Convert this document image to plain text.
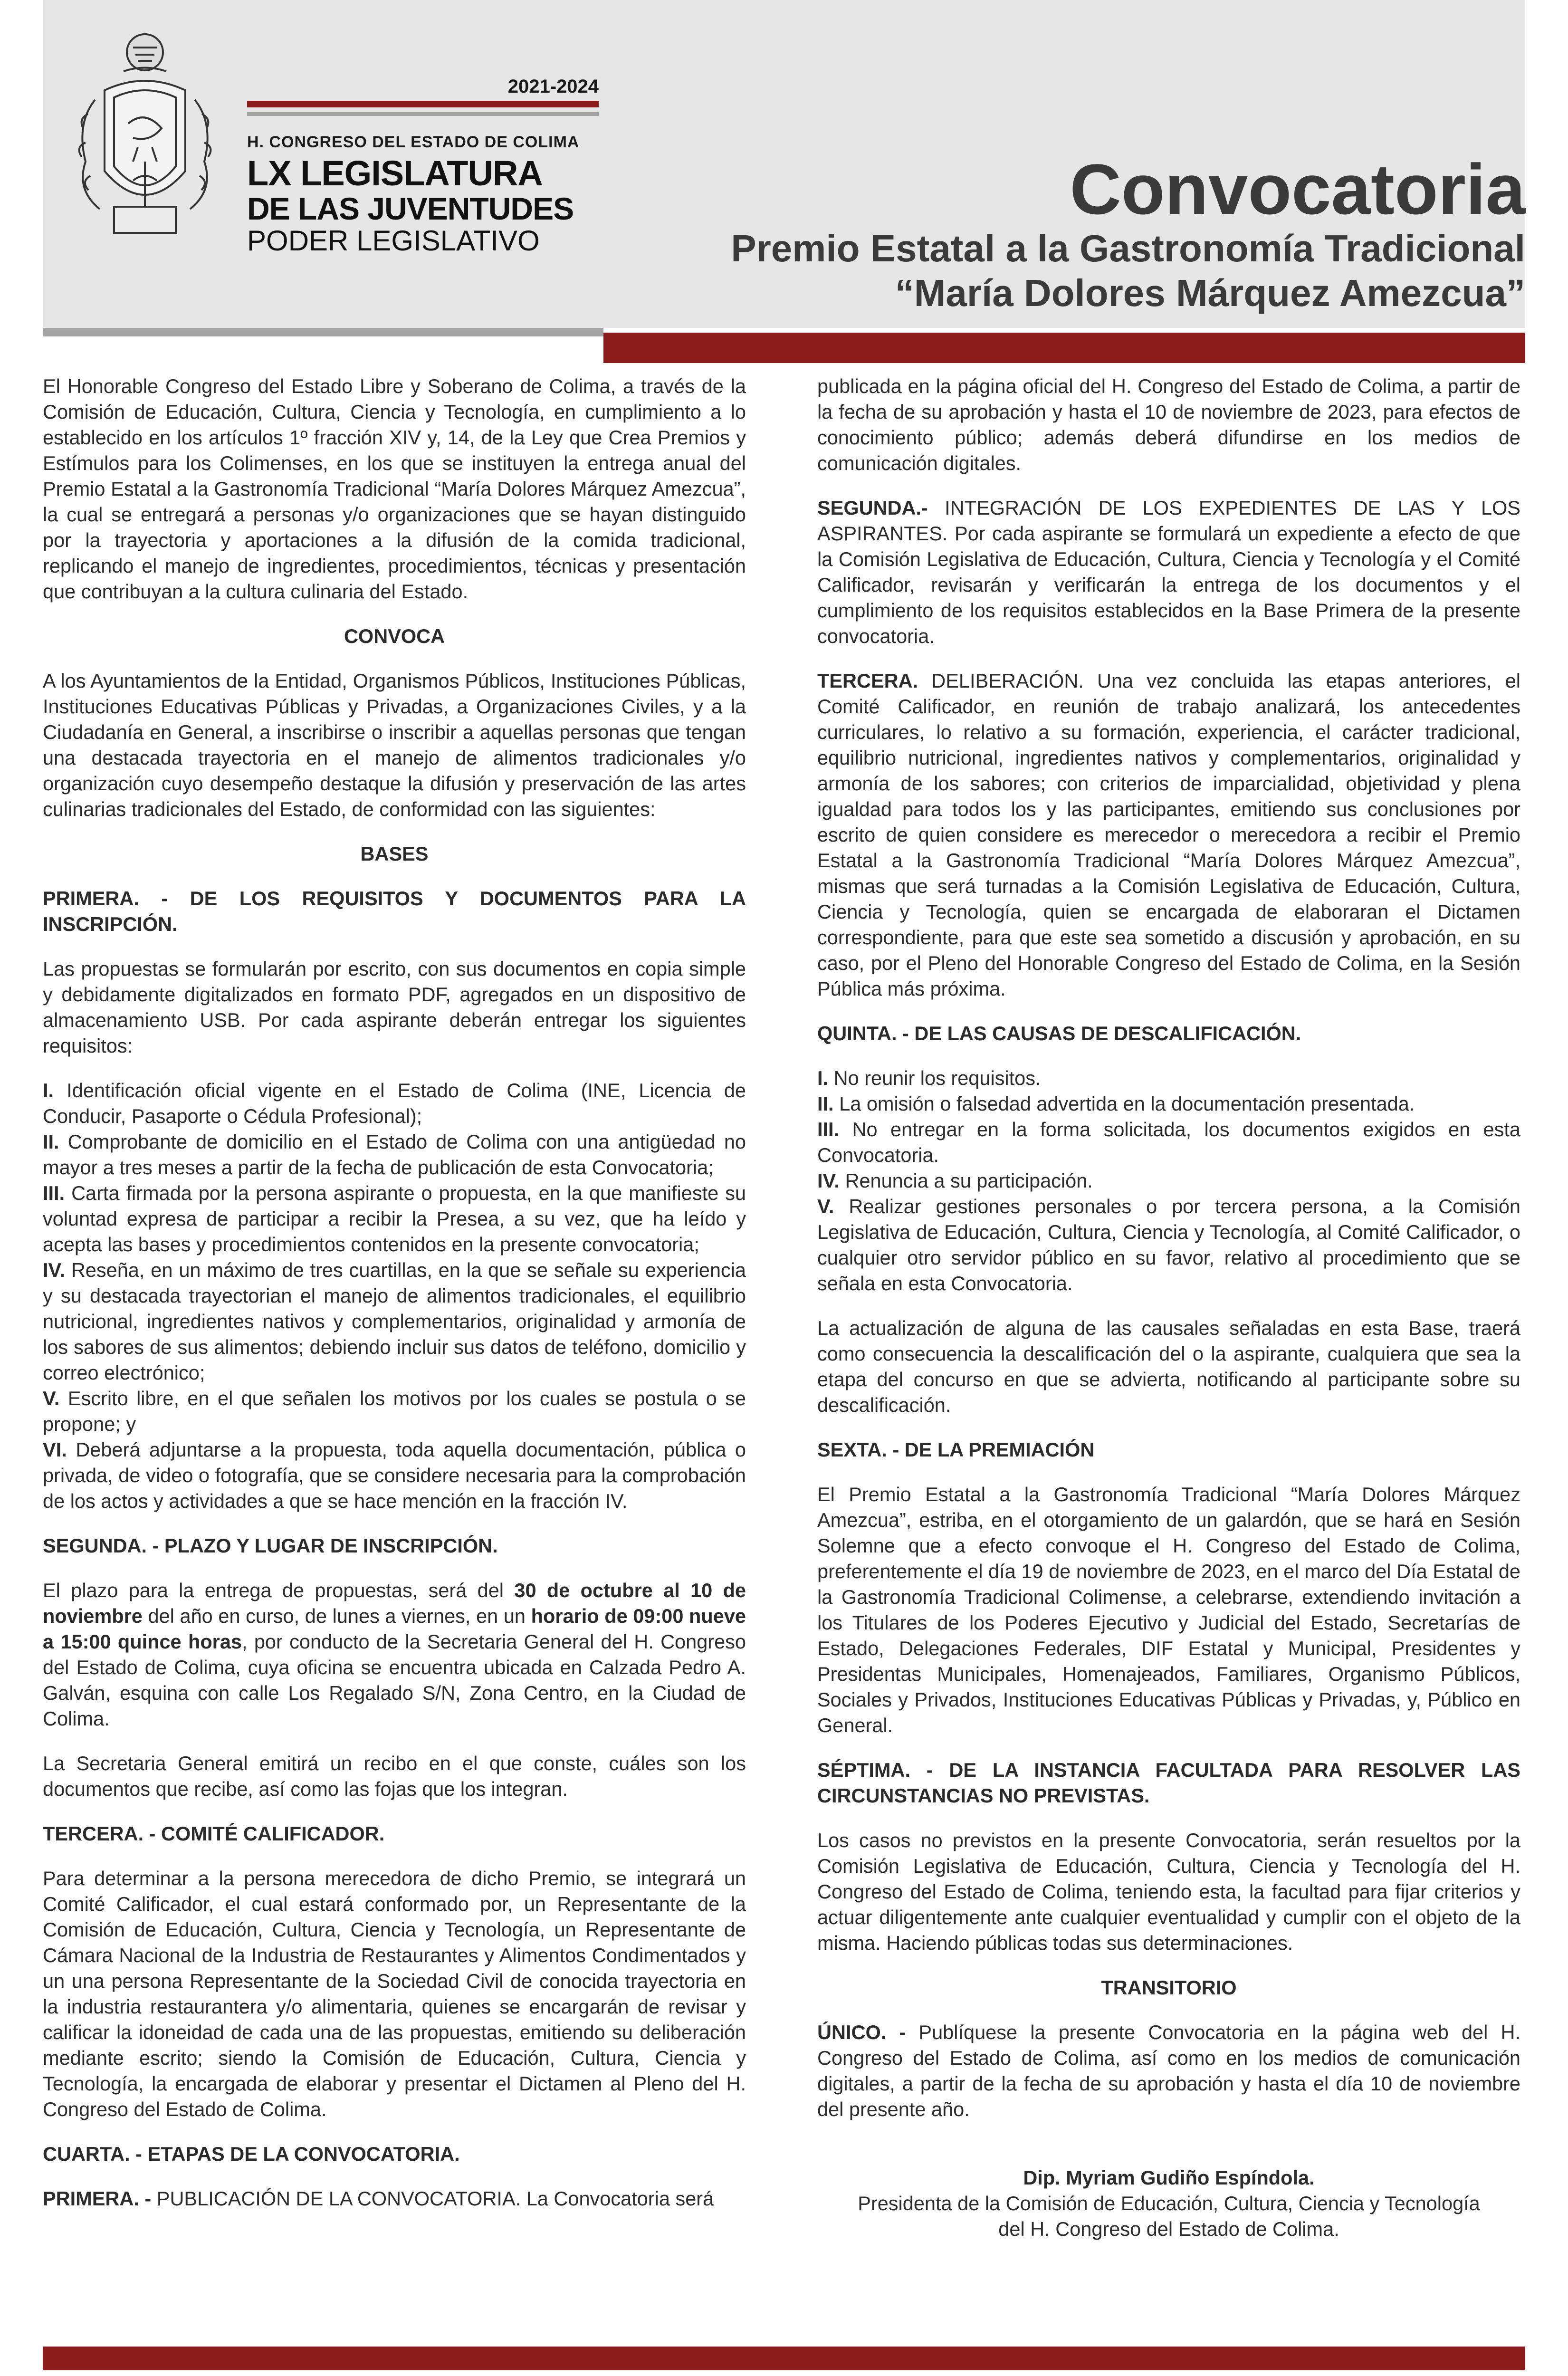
2021-2024
H. CONGRESO DEL ESTADO DE COLIMA
LX LEGISLATURA
DE LAS JUVENTUDES
PODER LEGISLATIVO
Convocatoria
Premio Estatal a la Gastronomía Tradicional
“María Dolores Márquez Amezcua”

El Honorable Congreso del Estado Libre y Soberano de Colima, a través de la Comisión de Educación, Cultura, Ciencia y Tecnología, en cumplimiento a lo establecido en los artículos 1º fracción XIV y, 14, de la Ley que Crea Premios y Estímulos para los Colimenses, en los que se instituyen la entrega anual del Premio Estatal a la Gastronomía Tradicional “María Dolores Márquez Amezcua”, la cual se entregará a personas y/o organizaciones que se hayan distinguido por la trayectoria y aportaciones a la difusión de la comida tradicional, replicando el manejo de ingredientes, procedimientos, técnicas y presentación que contribuyan a la cultura culinaria del Estado.

CONVOCA

A los Ayuntamientos de la Entidad, Organismos Públicos, Instituciones Públicas, Instituciones Educativas Públicas y Privadas, a Organizaciones Civiles, y a la Ciudadanía en General, a inscribirse o inscribir a aquellas personas que tengan una destacada trayectoria en el manejo de alimentos tradicionales y/o organización cuyo desempeño destaque la difusión y preservación de las artes culinarias tradicionales del Estado, de conformidad con las siguientes:

BASES

PRIMERA. - DE LOS REQUISITOS Y DOCUMENTOS PARA LA INSCRIPCIÓN.

Las propuestas se formularán por escrito, con sus documentos en copia simple y debidamente digitalizados en formato PDF, agregados en un dispositivo de almacenamiento USB. Por cada aspirante deberán entregar los siguientes requisitos:

I. Identificación oficial vigente en el Estado de Colima (INE, Licencia de Conducir, Pasaporte o Cédula Profesional);

II. Comprobante de domicilio en el Estado de Colima con una antigüedad no mayor a tres meses a partir de la fecha de publicación de esta Convocatoria;

III. Carta firmada por la persona aspirante o propuesta, en la que manifieste su voluntad expresa de participar a recibir la Presea, a su vez, que ha leído y acepta las bases y procedimientos contenidos en la presente convocatoria;

IV. Reseña, en un máximo de tres cuartillas, en la que se señale su experiencia y su destacada trayectorian el manejo de alimentos tradicionales, el equilibrio nutricional, ingredientes nativos y complementarios, originalidad y armonía de los sabores de sus alimentos; debiendo incluir sus datos de teléfono, domicilio y correo electrónico;

V. Escrito libre, en el que señalen los motivos por los cuales se postula o se propone; y

VI. Deberá adjuntarse a la propuesta, toda aquella documentación, pública o privada, de video o fotografía, que se considere necesaria para la comprobación de los actos y actividades a que se hace mención en la fracción IV.

SEGUNDA. - PLAZO Y LUGAR DE INSCRIPCIÓN.

El plazo para la entrega de propuestas, será del 30 de octubre al 10 de noviembre del año en curso, de lunes a viernes, en un horario de 09:00 nueve a 15:00 quince horas, por conducto de la Secretaria General del H. Congreso del Estado de Colima, cuya oficina se encuentra ubicada en Calzada Pedro A. Galván, esquina con calle Los Regalado S/N, Zona Centro, en la Ciudad de Colima.

La Secretaria General emitirá un recibo en el que conste, cuáles son los documentos que recibe, así como las fojas que los integran.

TERCERA. - COMITÉ CALIFICADOR.

Para determinar a la persona merecedora de dicho Premio, se integrará un Comité Calificador, el cual estará conformado por, un Representante de la Comisión de Educación, Cultura, Ciencia y Tecnología, un Representante de Cámara Nacional de la Industria de Restaurantes y Alimentos Condimentados y un una persona Representante de la Sociedad Civil de conocida trayectoria en la industria restaurantera y/o alimentaria, quienes se encargarán de revisar y calificar la idoneidad de cada una de las propuestas, emitiendo su deliberación mediante escrito; siendo la Comisión de Educación, Cultura, Ciencia y Tecnología, la encargada de elaborar y presentar el Dictamen al Pleno del H. Congreso del Estado de Colima.

CUARTA. - ETAPAS DE LA CONVOCATORIA.

PRIMERA. - PUBLICACIÓN DE LA CONVOCATORIA. La Convocatoria será

publicada en la página oficial del H. Congreso del Estado de Colima, a partir de la fecha de su aprobación y hasta el 10 de noviembre de 2023, para efectos de conocimiento público; además deberá difundirse en los medios de comunicación digitales.

SEGUNDA.- INTEGRACIÓN DE LOS EXPEDIENTES DE LAS Y LOS ASPIRANTES. Por cada aspirante se formulará un expediente a efecto de que la Comisión Legislativa de Educación, Cultura, Ciencia y Tecnología y el Comité Calificador, revisarán y verificarán la entrega de los documentos y el cumplimiento de los requisitos establecidos en la Base Primera de la presente convocatoria.

TERCERA. DELIBERACIÓN. Una vez concluida las etapas anteriores, el Comité Calificador, en reunión de trabajo analizará, los antecedentes curriculares, lo relativo a su formación, experiencia, el carácter tradicional, equilibrio nutricional, ingredientes nativos y complementarios, originalidad y armonía de los sabores; con criterios de imparcialidad, objetividad y plena igualdad para todos los y las participantes, emitiendo sus conclusiones por escrito de quien considere es merecedor o merecedora a recibir el Premio Estatal a la Gastronomía Tradicional “María Dolores Márquez Amezcua”, mismas que será turnadas a la Comisión Legislativa de Educación, Cultura, Ciencia y Tecnología, quien se encargada de elaboraran el Dictamen correspondiente, para que este sea sometido a discusión y aprobación, en su caso, por el Pleno del Honorable Congreso del Estado de Colima, en la Sesión Pública más próxima.

QUINTA. - DE LAS CAUSAS DE DESCALIFICACIÓN.

I. No reunir los requisitos.

II. La omisión o falsedad advertida en la documentación presentada.

III. No entregar en la forma solicitada, los documentos exigidos en esta Convocatoria.

IV. Renuncia a su participación.

V. Realizar gestiones personales o por tercera persona, a la Comisión Legislativa de Educación, Cultura, Ciencia y Tecnología, al Comité Calificador, o cualquier otro servidor público en su favor, relativo al procedimiento que se señala en esta Convocatoria.

La actualización de alguna de las causales señaladas en esta Base, traerá como consecuencia la descalificación del o la aspirante, cualquiera que sea la etapa del concurso en que se advierta, notificando al participante sobre su descalificación.

SEXTA. - DE LA PREMIACIÓN

El Premio Estatal a la Gastronomía Tradicional “María Dolores Márquez Amezcua”, estriba, en el otorgamiento de un galardón, que se hará en Sesión Solemne que a efecto convoque el H. Congreso del Estado de Colima, preferentemente el día 19 de noviembre de 2023, en el marco del Día Estatal de la Gastronomía Tradicional Colimense, a celebrarse, extendiendo invitación a los Titulares de los Poderes Ejecutivo y Judicial del Estado, Secretarías de Estado, Delegaciones Federales, DIF Estatal y Municipal, Presidentes y Presidentas Municipales, Homenajeados, Familiares, Organismo Públicos, Sociales y Privados, Instituciones Educativas Públicas y Privadas, y, Público en General.

SÉPTIMA. - DE LA INSTANCIA FACULTADA PARA RESOLVER LAS CIRCUNSTANCIAS NO PREVISTAS.

Los casos no previstos en la presente Convocatoria, serán resueltos por la Comisión Legislativa de Educación, Cultura, Ciencia y Tecnología del H. Congreso del Estado de Colima, teniendo esta, la facultad para fijar criterios y actuar diligentemente ante cualquier eventualidad y cumplir con el objeto de la misma. Haciendo públicas todas sus determinaciones.

TRANSITORIO

ÚNICO. - Publíquese la presente Convocatoria en la página web del H. Congreso del Estado de Colima, así como en los medios de comunicación digitales, a partir de la fecha de su aprobación y hasta el día 10 de noviembre del presente año.

Dip. Myriam Gudiño Espíndola.
Presidenta de la Comisión de Educación, Cultura, Ciencia y Tecnología
del H. Congreso del Estado de Colima.
